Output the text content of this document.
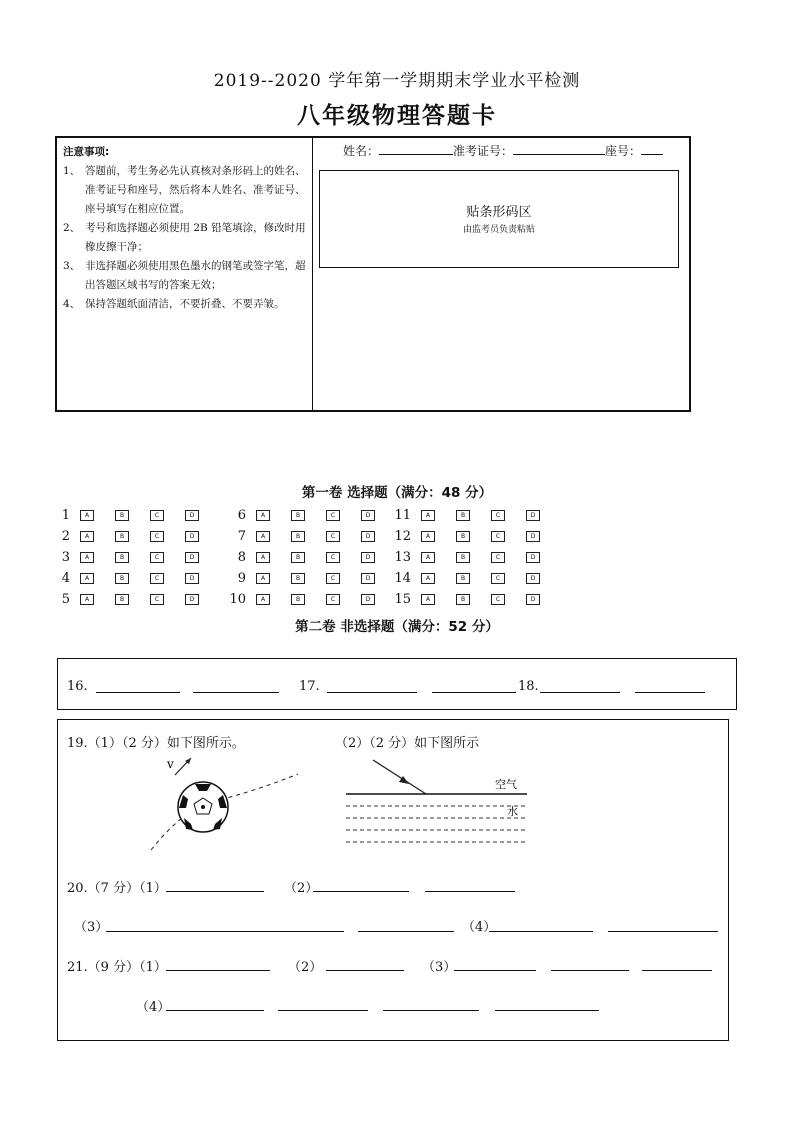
2019--2020 学年第一学期期末学业水平检测
八年级物理答题卡
注意事项:
1、 答题前，考生务必先认真核对条形码上的姓名、准考证号和座号，然后将本人姓名、准考证号、座号填写在相应位置。
2、 考号和选择题必须使用 2B 铅笔填涂，修改时用橡皮擦干净；
3、 非选择题必须使用黑色墨水的钢笔或签字笔，超出答题区域书写的答案无效；
4、 保持答题纸面清洁，不要折叠、不要弄皱。
姓名：	准考证号：	座号：
贴条形码区
由监考员负责粘贴
第一卷 选择题（满分：48 分）
1	A	B	C	D
2	A	B	C	D
3	A	B	C	D
4	A	B	C	D
5	A	B	C	D
6	A	B	C	D
7	A	B	C	D
8	A	B	C	D
9	A	B	C	D
10	A	B	C	D
11	A	B	C	D
12	A	B	C	D
13	A	B	C	D
14	A	B	C	D
15	A	B	C	D
第二卷 非选择题（满分：52 分）
16.	17.	18.
19.（1）（2 分）如下图所示。	（2）（2 分）如下图所示
v
空气
水
20.（7 分）（1）	（2）
（3）	（4）
21.（9 分）（1）	（2）	（3）
（4）
